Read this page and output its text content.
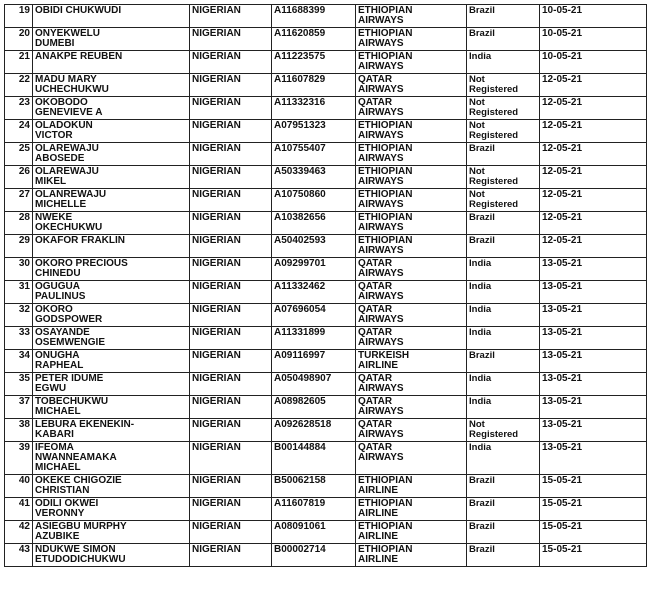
19	OBIDI CHUKWUDI	NIGERIAN	A11688399	ETHIOPIAN
AIRWAYS	Brazil	10-05-21
20	ONYEKWELU
DUMEBI	NIGERIAN	A11620859	ETHIOPIAN
AIRWAYS	Brazil	10-05-21
21	ANAKPE REUBEN	NIGERIAN	A11223575	ETHIOPIAN
AIRWAYS	India	10-05-21
22	MADU MARY
UCHECHUKWU	NIGERIAN	A11607829	QATAR
AIRWAYS	Not
Registered	12-05-21
23	OKOBODO
GENEVIEVE A	NIGERIAN	A11332316	QATAR
AIRWAYS	Not
Registered	12-05-21
24	OLADOKUN
VICTOR	NIGERIAN	A07951323	ETHIOPIAN
AIRWAYS	Not
Registered	12-05-21
25	OLAREWAJU
ABOSEDE	NIGERIAN	A10755407	ETHIOPIAN
AIRWAYS	Brazil	12-05-21
26	OLAREWAJU
MIKEL	NIGERIAN	A50339463	ETHIOPIAN
AIRWAYS	Not
Registered	12-05-21
27	OLANREWAJU
MICHELLE	NIGERIAN	A10750860	ETHIOPIAN
AIRWAYS	Not
Registered	12-05-21
28	NWEKE
OKECHUKWU	NIGERIAN	A10382656	ETHIOPIAN
AIRWAYS	Brazil	12-05-21
29	OKAFOR FRAKLIN	NIGERIAN	A50402593	ETHIOPIAN
AIRWAYS	Brazil	12-05-21
30	OKORO PRECIOUS
CHINEDU	NIGERIAN	A09299701	QATAR
AIRWAYS	India	13-05-21
31	OGUGUA
PAULINUS	NIGERIAN	A11332462	QATAR
AIRWAYS	India	13-05-21
32	OKORO
GODSPOWER	NIGERIAN	A07696054	QATAR
AIRWAYS	India	13-05-21
33	OSAYANDE
OSEMWENGIE	NIGERIAN	A11331899	QATAR
AIRWAYS	India	13-05-21
34	ONUGHA
RAPHEAL	NIGERIAN	A09116997	TURKEISH
AIRLINE	Brazil	13-05-21
35	PETER IDUME
EGWU	NIGERIAN	A050498907	QATAR
AIRWAYS	India	13-05-21
37	TOBECHUKWU
MICHAEL	NIGERIAN	A08982605	QATAR
AIRWAYS	India	13-05-21
38	LEBURA EKENEKIN-
KABARI	NIGERIAN	A092628518	QATAR
AIRWAYS	Not
Registered	13-05-21
39	IFEOMA
NWANNEAMAKA
MICHAEL	NIGERIAN	B00144884	QATAR
AIRWAYS	India	13-05-21
40	OKEKE CHIGOZIE
CHRISTIAN	NIGERIAN	B50062158	ETHIOPIAN
AIRLINE	Brazil	15-05-21
41	ODILI OKWEI
VERONNY	NIGERIAN	A11607819	ETHIOPIAN
AIRLINE	Brazil	15-05-21
42	ASIEGBU MURPHY
AZUBIKE	NIGERIAN	A08091061	ETHIOPIAN
AIRLINE	Brazil	15-05-21
43	NDUKWE SIMON
ETUDODICHUKWU	NIGERIAN	B00002714	ETHIOPIAN
AIRLINE	Brazil	15-05-21
